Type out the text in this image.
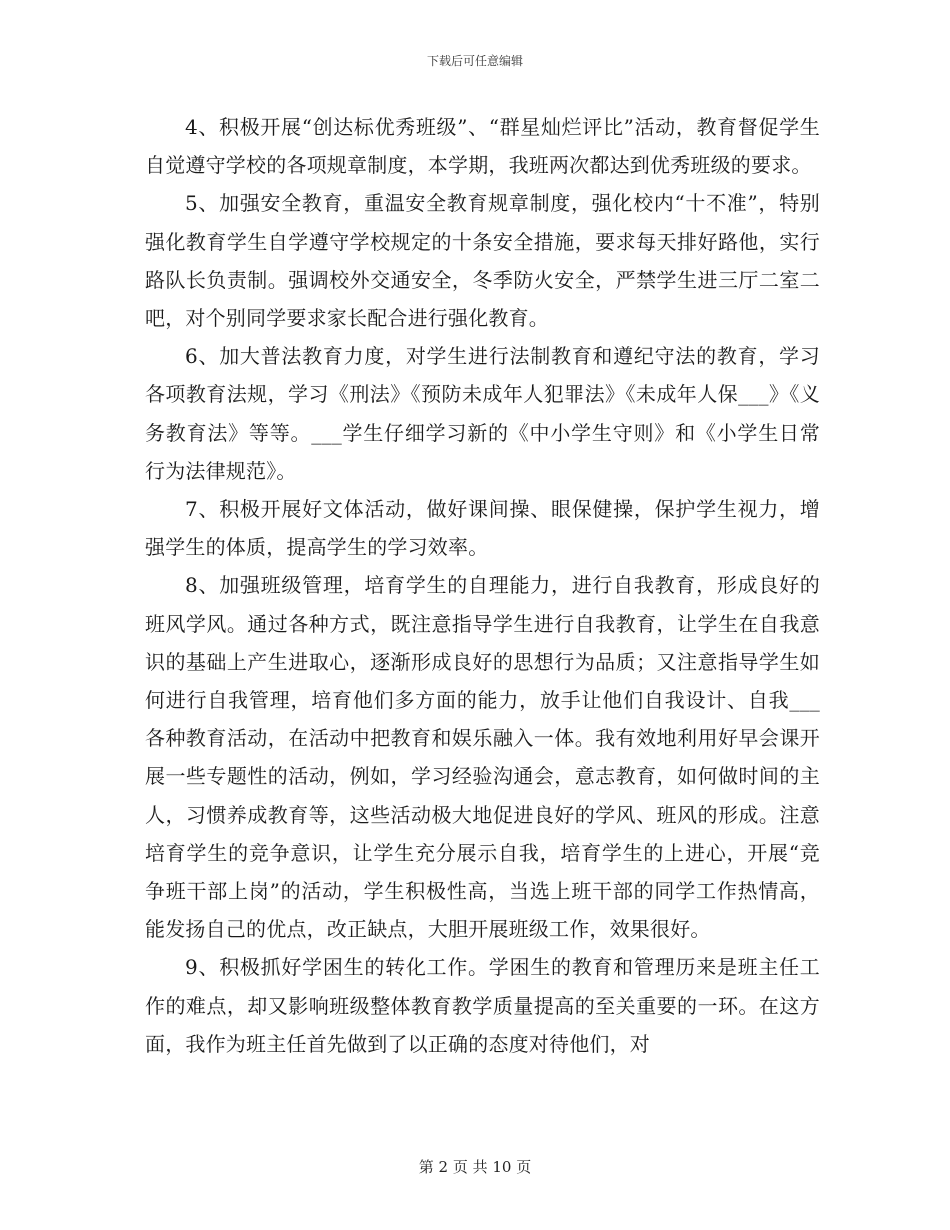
下载后可任意编辑

4、积极开展“创达标优秀班级”、“群星灿烂评比”活动，教育督促学生自觉遵守学校的各项规章制度，本学期，我班两次都达到优秀班级的要求。

5、加强安全教育，重温安全教育规章制度，强化校内“十不准”，特别强化教育学生自学遵守学校规定的十条安全措施，要求每天排好路他，实行路队长负责制。强调校外交通安全，冬季防火安全，严禁学生进三厅二室二吧，对个别同学要求家长配合进行强化教育。

6、加大普法教育力度，对学生进行法制教育和遵纪守法的教育，学习各项教育法规，学习《刑法》《预防未成年人犯罪法》《未成年人保___》《义务教育法》等等。___学生仔细学习新的《中小学生守则》和《小学生日常行为法律规范》。

7、积极开展好文体活动，做好课间操、眼保健操，保护学生视力，增强学生的体质，提高学生的学习效率。

8、加强班级管理，培育学生的自理能力，进行自我教育，形成良好的班风学风。通过各种方式，既注意指导学生进行自我教育，让学生在自我意识的基础上产生进取心，逐渐形成良好的思想行为品质；又注意指导学生如何进行自我管理，培育他们多方面的能力，放手让他们自我设计、自我___各种教育活动，在活动中把教育和娱乐融入一体。我有效地利用好早会课开展一些专题性的活动，例如，学习经验沟通会，意志教育，如何做时间的主人，习惯养成教育等，这些活动极大地促进良好的学风、班风的形成。注意培育学生的竞争意识，让学生充分展示自我，培育学生的上进心，开展“竞争班干部上岗”的活动，学生积极性高，当选上班干部的同学工作热情高，能发扬自己的优点，改正缺点，大胆开展班级工作，效果很好。

9、积极抓好学困生的转化工作。学困生的教育和管理历来是班主任工作的难点，却又影响班级整体教育教学质量提高的至关重要的一环。在这方面，我作为班主任首先做到了以正确的态度对待他们，对

第 2 页 共 10 页
